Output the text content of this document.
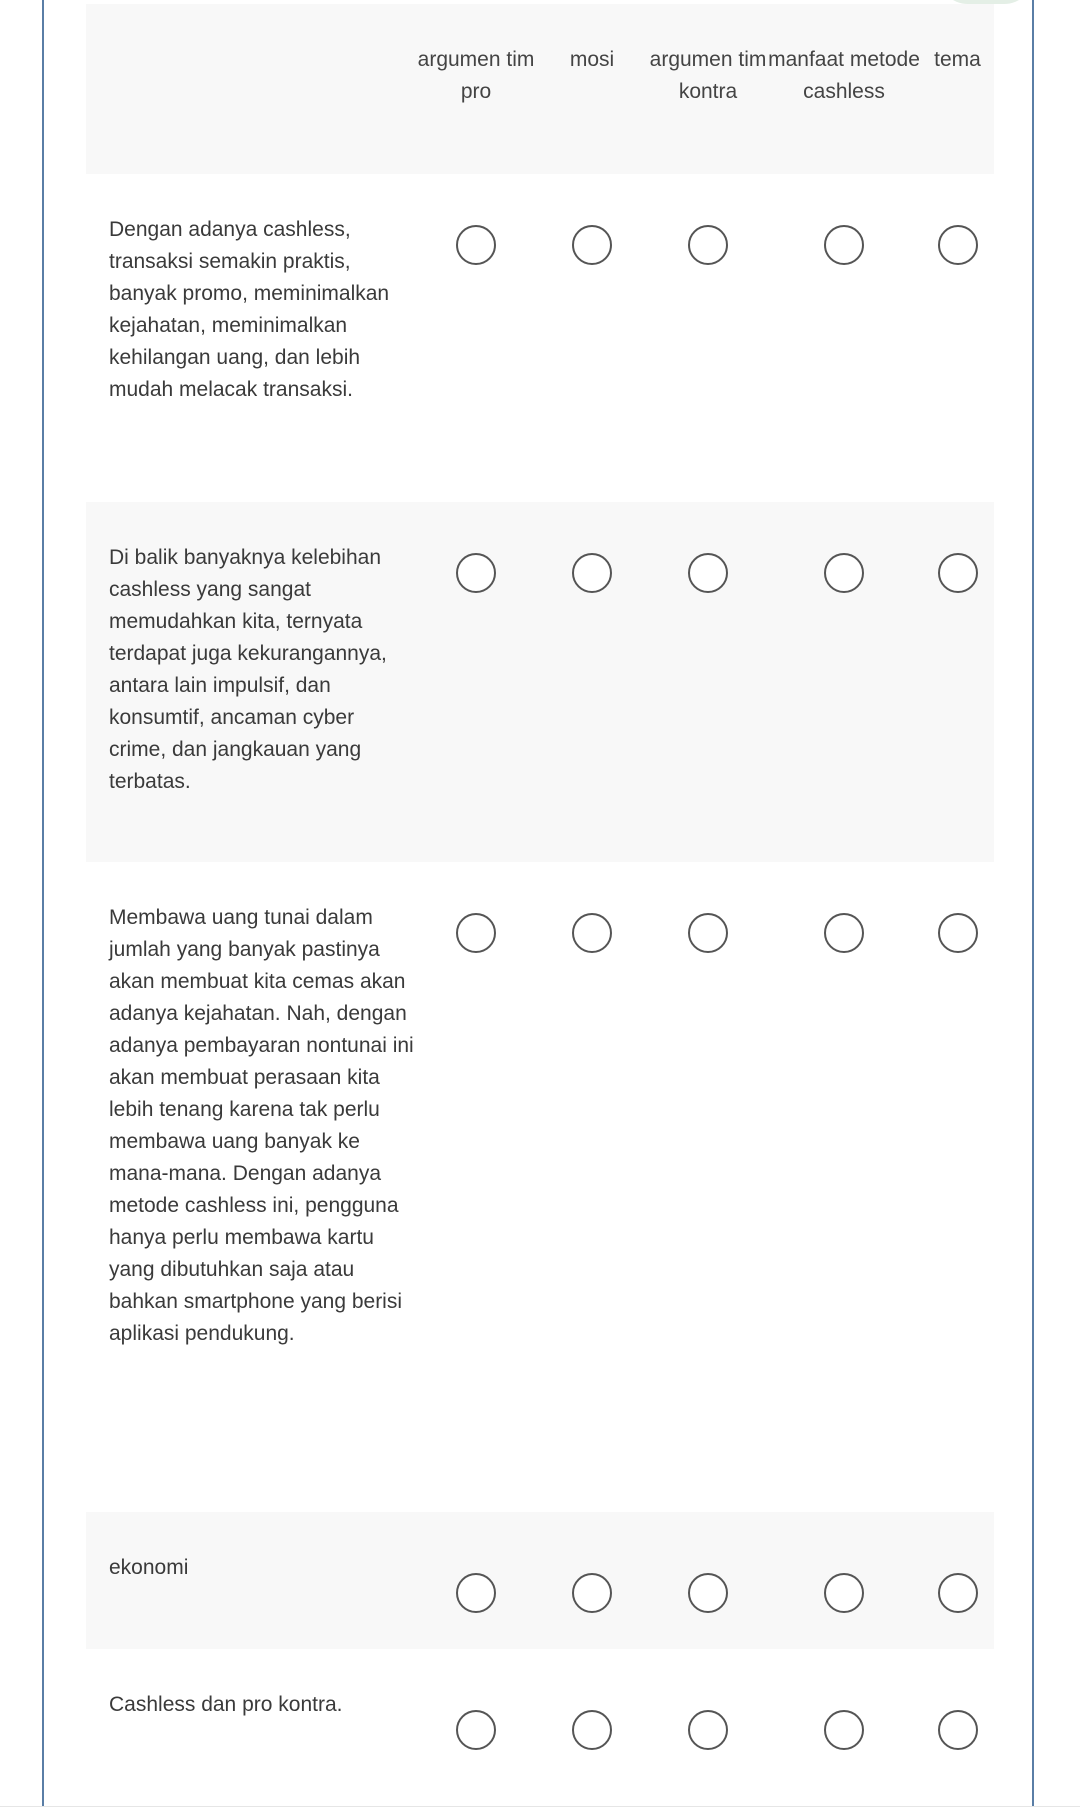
argumen tim pro
mosi	argumen tim kontra
manfaat metode cashless
tema
Dengan adanya cashless, transaksi semakin praktis, banyak promo, meminimalkan kejahatan, meminimalkan kehilangan uang, dan lebih mudah melacak transaksi.
Di balik banyaknya kelebihan cashless yang sangat memudahkan kita, ternyata terdapat juga kekurangannya, antara lain impulsif, dan konsumtif, ancaman cyber crime, dan jangkauan yang terbatas.
Membawa uang tunai dalam jumlah yang banyak pastinya akan membuat kita cemas akan adanya kejahatan. Nah, dengan adanya pembayaran nontunai ini akan membuat perasaan kita lebih tenang karena tak perlu membawa uang banyak ke mana-mana. Dengan adanya metode cashless ini, pengguna hanya perlu membawa kartu yang dibutuhkan saja atau bahkan smartphone yang berisi aplikasi pendukung.
ekonomi
Cashless dan pro kontra.
